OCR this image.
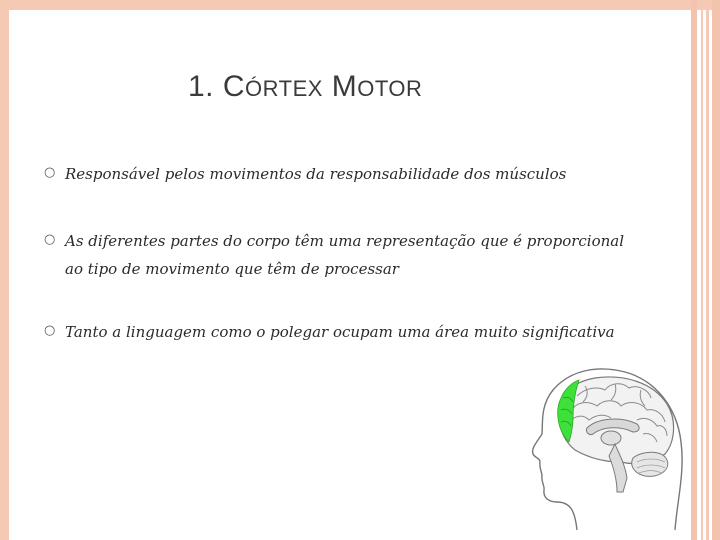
1. CÓRTEX MOTOR
○ Responsável pelos movimentos da responsabilidade dos músculos
○ As diferentes partes do corpo têm uma representação que é proporcional ao tipo de movimento que têm de processar
○ Tanto a linguagem como o polegar ocupam uma área muito significativa
